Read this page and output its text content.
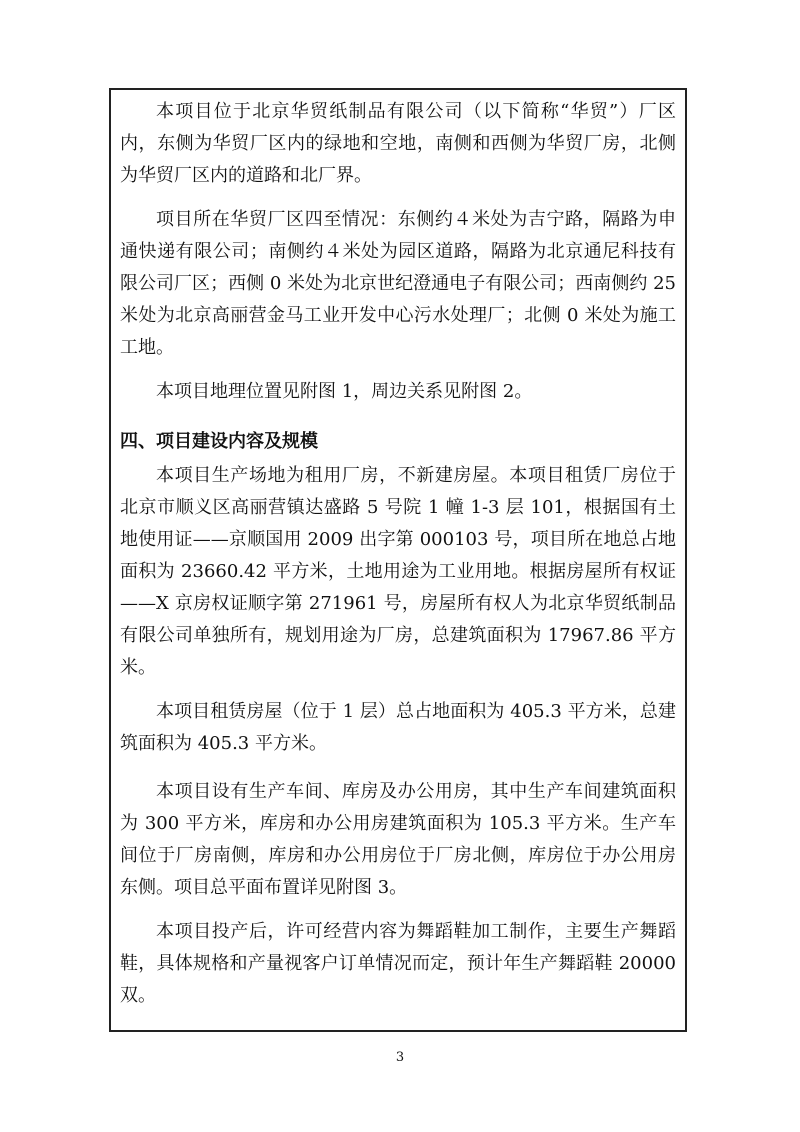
本项目位于北京华贸纸制品有限公司（以下简称“华贸”）厂区内，东侧为华贸厂区内的绿地和空地，南侧和西侧为华贸厂房，北侧为华贸厂区内的道路和北厂界。

项目所在华贸厂区四至情况：东侧约４米处为吉宁路，隔路为申通快递有限公司；南侧约４米处为园区道路，隔路为北京通尼科技有限公司厂区；西侧 0 米处为北京世纪澄通电子有限公司；西南侧约 25 米处为北京高丽营金马工业开发中心污水处理厂；北侧 0 米处为施工工地。

本项目地理位置见附图 1，周边关系见附图 2。

四、项目建设内容及规模

本项目生产场地为租用厂房，不新建房屋。本项目租赁厂房位于北京市顺义区高丽营镇达盛路 5 号院 1 幢 1-3 层 101，根据国有土地使用证——京顺国用 2009 出字第 000103 号，项目所在地总占地面积为 23660.42 平方米，土地用途为工业用地。根据房屋所有权证——X 京房权证顺字第 271961 号，房屋所有权人为北京华贸纸制品有限公司单独所有，规划用途为厂房，总建筑面积为 17967.86 平方米。

本项目租赁房屋（位于 1 层）总占地面积为 405.3 平方米，总建筑面积为 405.3 平方米。

本项目设有生产车间、库房及办公用房，其中生产车间建筑面积为 300 平方米，库房和办公用房建筑面积为 105.3 平方米。生产车间位于厂房南侧，库房和办公用房位于厂房北侧，库房位于办公用房东侧。项目总平面布置详见附图 3。

本项目投产后，许可经营内容为舞蹈鞋加工制作，主要生产舞蹈鞋，具体规格和产量视客户订单情况而定，预计年生产舞蹈鞋 20000 双。

3
